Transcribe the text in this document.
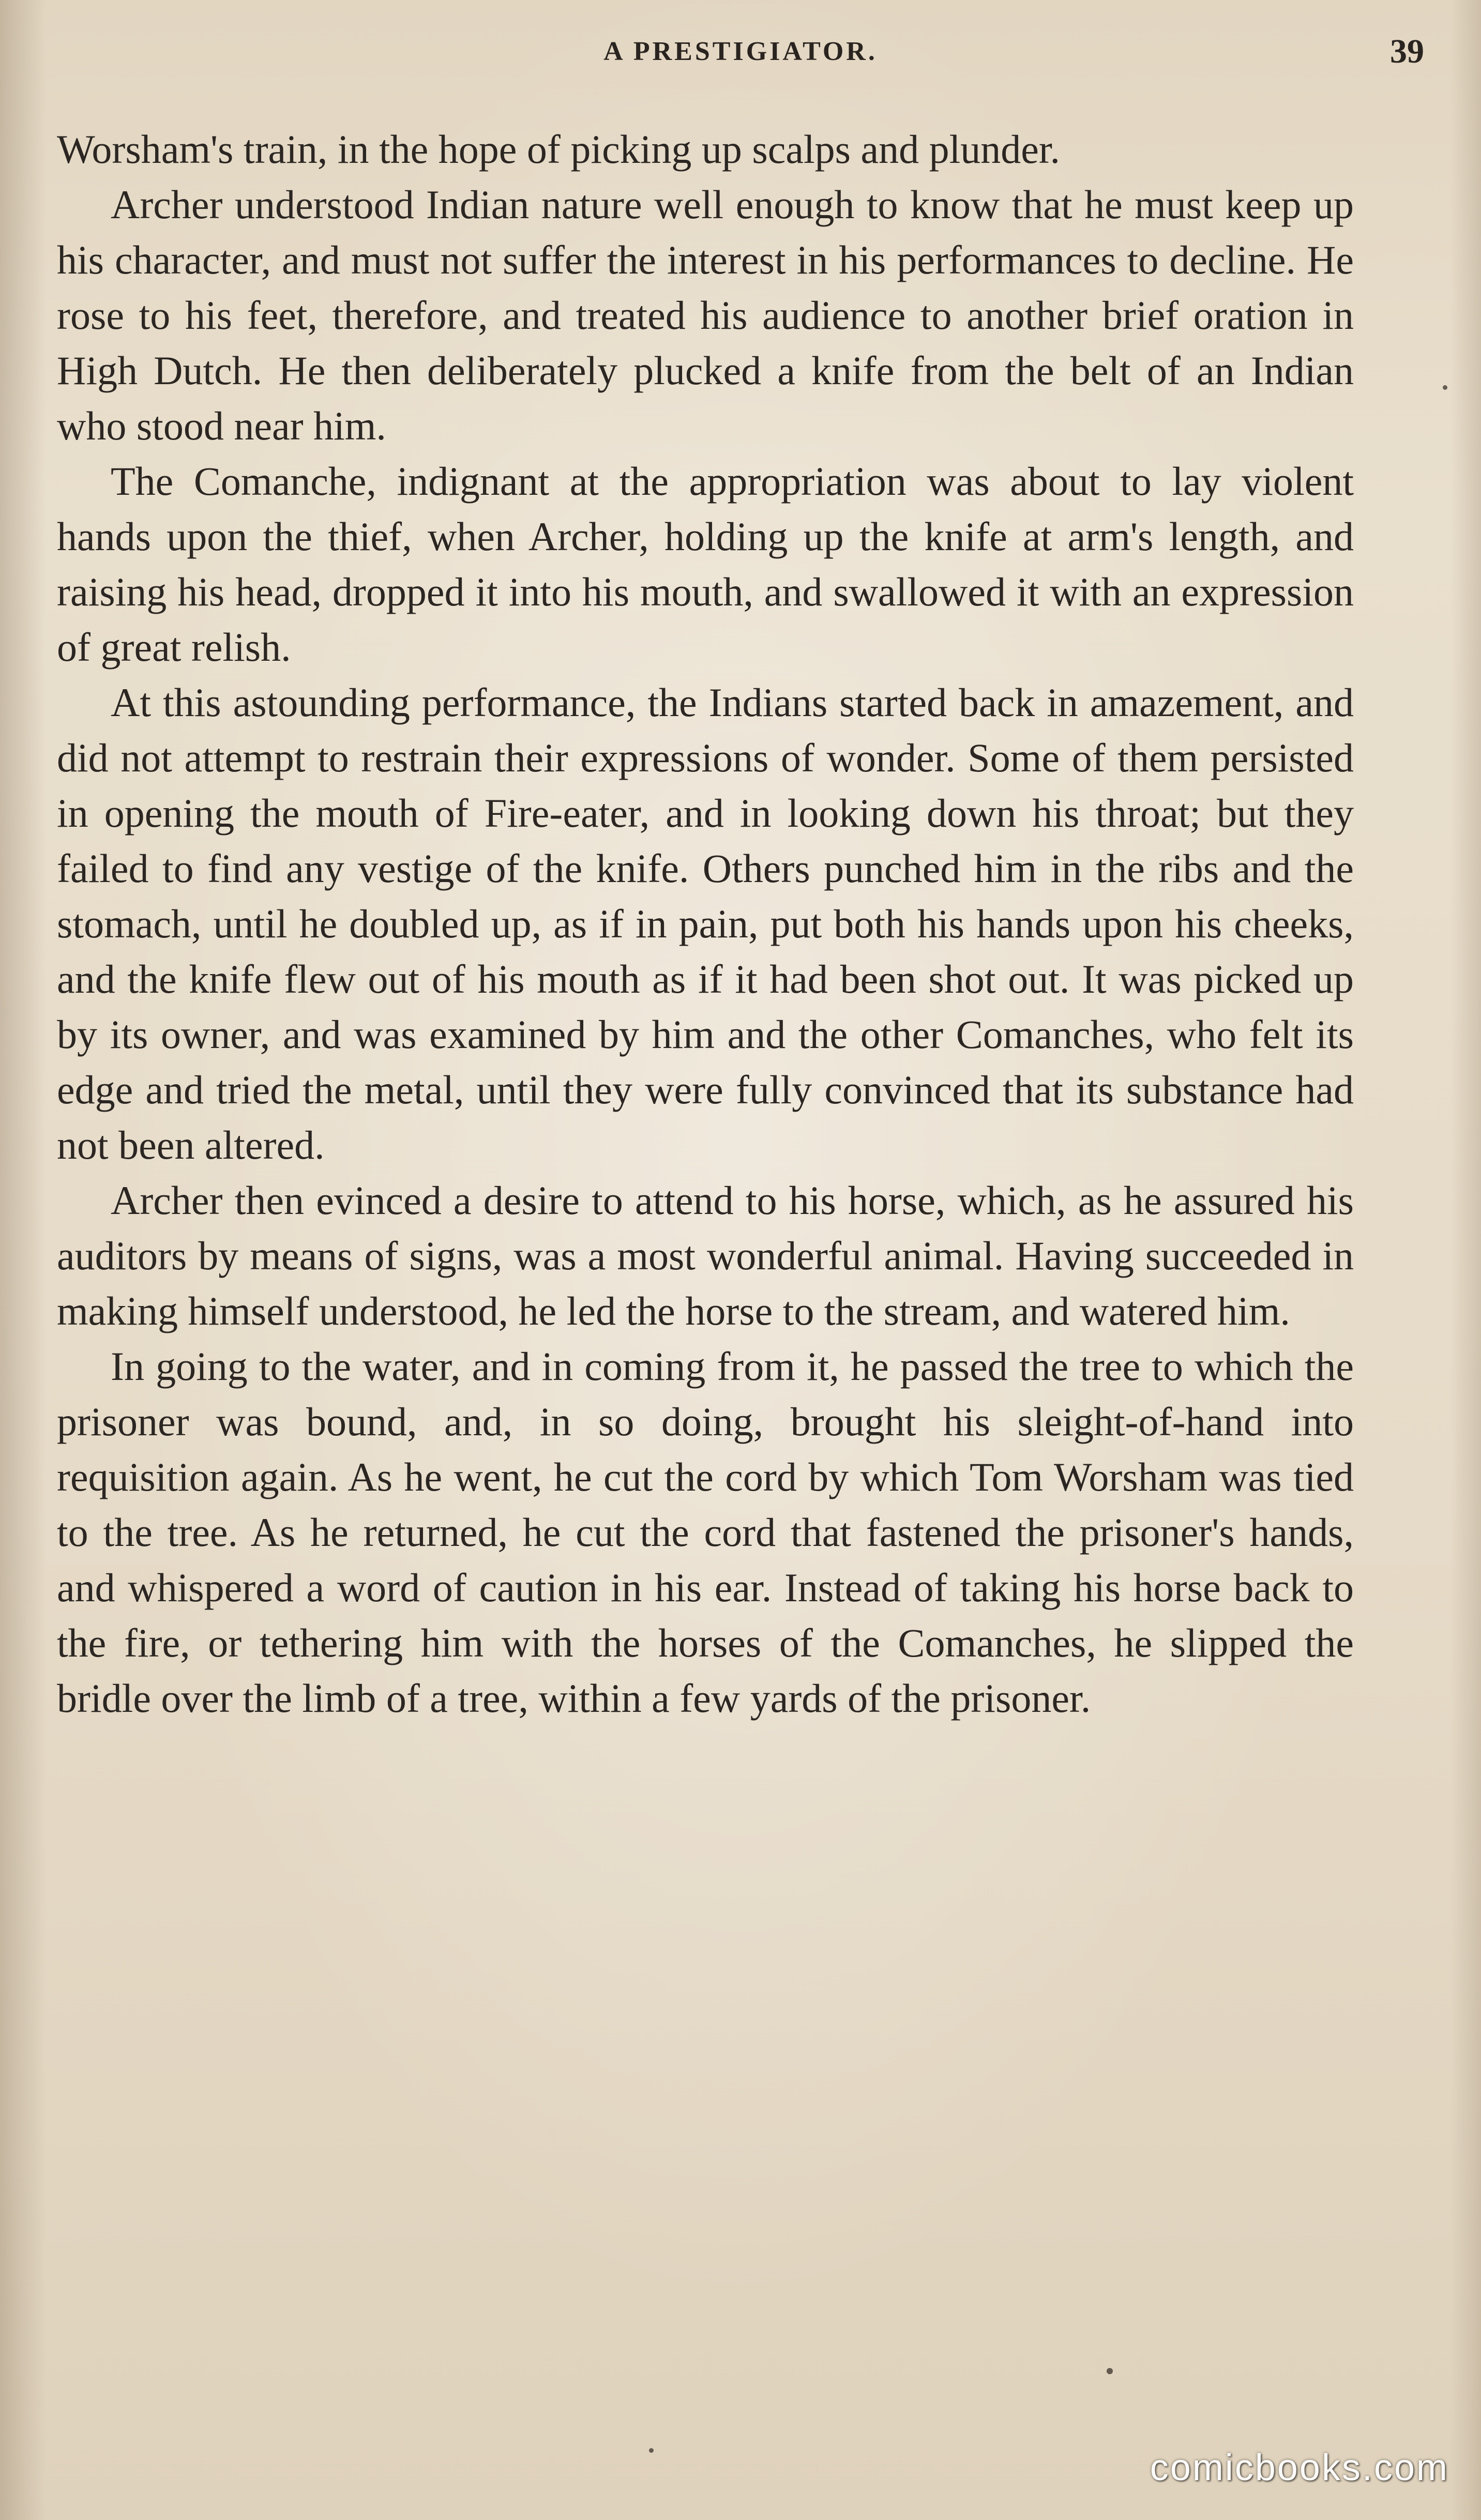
A PRESTIGIATOR.	39

Worsham's train, in the hope of picking up scalps and plunder.

Archer understood Indian nature well enough to know that he must keep up his character, and must not suffer the interest in his performances to decline. He rose to his feet, therefore, and treated his audience to another brief oration in High Dutch. He then deliberately plucked a knife from the belt of an Indian who stood near him.

The Comanche, indignant at the appropriation was about to lay violent hands upon the thief, when Archer, holding up the knife at arm's length, and raising his head, dropped it into his mouth, and swallowed it with an expression of great relish.

At this astounding performance, the Indians started back in amazement, and did not attempt to restrain their expressions of wonder. Some of them persisted in opening the mouth of Fire-eater, and in looking down his throat; but they failed to find any vestige of the knife. Others punched him in the ribs and the stomach, until he doubled up, as if in pain, put both his hands upon his cheeks, and the knife flew out of his mouth as if it had been shot out. It was picked up by its owner, and was examined by him and the other Comanches, who felt its edge and tried the metal, until they were fully convinced that its substance had not been altered.

Archer then evinced a desire to attend to his horse, which, as he assured his auditors by means of signs, was a most wonderful animal. Having succeeded in making himself understood, he led the horse to the stream, and watered him.

In going to the water, and in coming from it, he passed the tree to which the prisoner was bound, and, in so doing, brought his sleight-of-hand into requisition again. As he went, he cut the cord by which Tom Worsham was tied to the tree. As he returned, he cut the cord that fastened the prisoner's hands, and whispered a word of caution in his ear. Instead of taking his horse back to the fire, or tethering him with the horses of the Comanches, he slipped the bridle over the limb of a tree, within a few yards of the prisoner.

comicbooks.com
